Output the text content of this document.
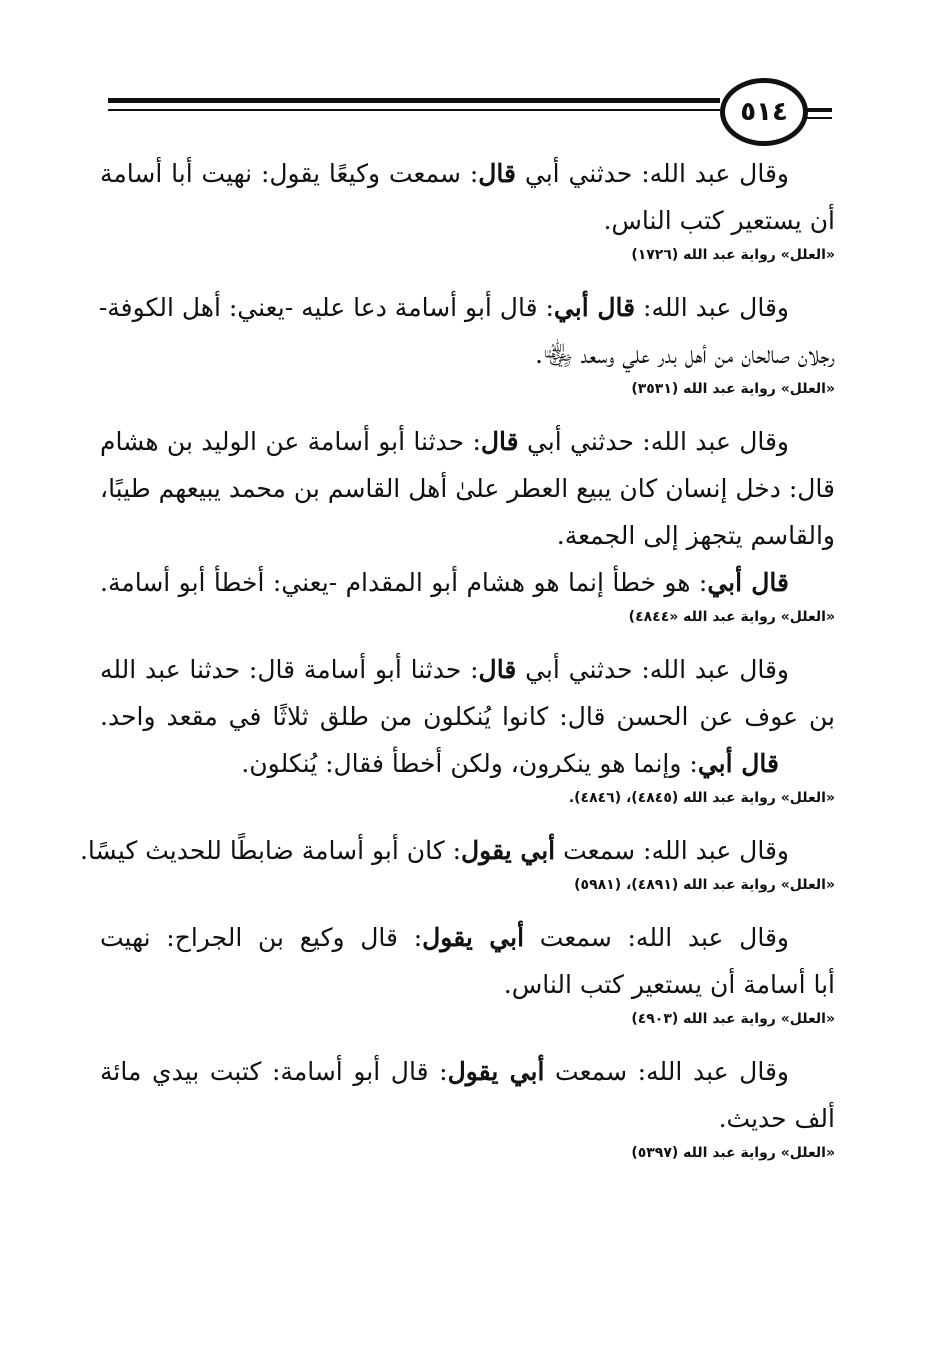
٥١٤
وقال عبد الله: حدثني أبي قال: سمعت وكيعًا يقول: نهيت أبا أسامة
أن يستعير كتب الناس.
«العلل» رواية عبد الله (١٧٢٦)
وقال عبد الله: قال أبي: قال أبو أسامة دعا عليه -يعني: أهل الكوفة-
رجلان صالحان من أهل بدر علي وسعد ﵄.
«العلل» رواية عبد الله (٣٥٣١)
وقال عبد الله: حدثني أبي قال: حدثنا أبو أسامة عن الوليد بن هشام
قال: دخل إنسان كان يبيع العطر علىٰ أهل القاسم بن محمد يبيعهم طيبًا،
والقاسم يتجهز إلى الجمعة.
قال أبي: هو خطأ إنما هو هشام أبو المقدام -يعني: أخطأ أبو أسامة.
«العلل» رواية عبد الله «٤٨٤٤)
وقال عبد الله: حدثني أبي قال: حدثنا أبو أسامة قال: حدثنا عبد الله
بن عوف عن الحسن قال: كانوا يُنكلون من طلق ثلاثًا في مقعد واحد.
قال أبي: وإنما هو ينكرون، ولكن أخطأ فقال: يُنكلون.
«العلل» رواية عبد الله (٤٨٤٥)، (٤٨٤٦).
وقال عبد الله: سمعت أبي يقول: كان أبو أسامة ضابطًا للحديث كيسًا.
«العلل» رواية عبد الله (٤٨٩١)، (٥٩٨١)
وقال عبد الله: سمعت أبي يقول: قال وكيع بن الجراح: نهيت
أبا أسامة أن يستعير كتب الناس.
«العلل» رواية عبد الله (٤٩٠٣)
وقال عبد الله: سمعت أبي يقول: قال أبو أسامة: كتبت بيدي مائة
ألف حديث.
«العلل» رواية عبد الله (٥٣٩٧)
